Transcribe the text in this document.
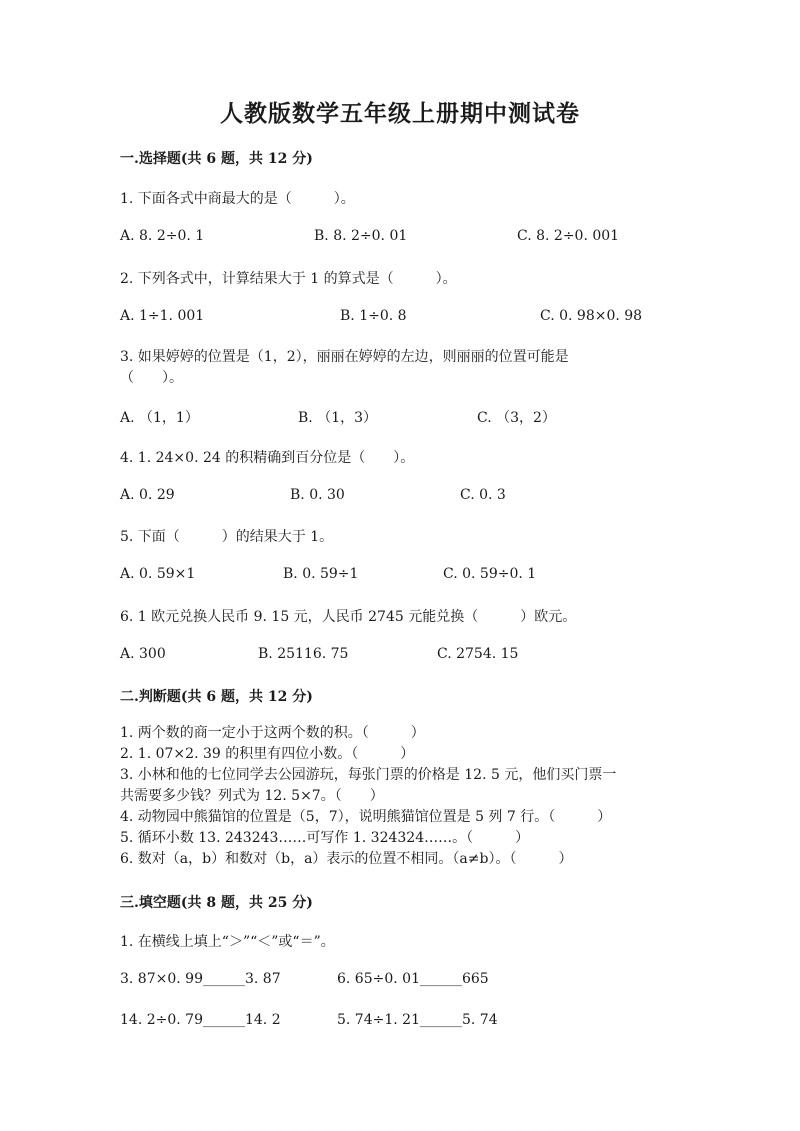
人教版数学五年级上册期中测试卷
一.选择题(共 6 题，共 12 分)
1. 下面各式中商最大的是（　　　）。
A. 8. 2÷0. 1	B. 8. 2÷0. 01	C. 8. 2÷0. 001
2. 下列各式中，计算结果大于 1 的算式是（　　　）。
A. 1÷1. 001	B. 1÷0. 8	C. 0. 98×0. 98
3. 如果婷婷的位置是（1，2），丽丽在婷婷的左边，则丽丽的位置可能是
（　　）。
A. （1，1）	B. （1，3）	C. （3，2）
4. 1. 24×0. 24 的积精确到百分位是（　　）。
A. 0. 29	B. 0. 30	C. 0. 3
5. 下面（　　　）的结果大于 1。
A. 0. 59×1	B. 0. 59÷1	C. 0. 59÷0. 1
6. 1 欧元兑换人民币 9. 15 元，人民币 2745 元能兑换（　　　）欧元。
A. 300	B. 25116. 75	C. 2754. 15
二.判断题(共 6 题，共 12 分)
1. 两个数的商一定小于这两个数的积。（　　　）
2. 1. 07×2. 39 的积里有四位小数。（　　　）
3. 小林和他的七位同学去公园游玩，每张门票的价格是 12. 5 元，他们买门票一
共需要多少钱？列式为 12. 5×7。（　　）
4. 动物园中熊猫馆的位置是（5，7），说明熊猫馆位置是 5 列 7 行。（　　　）
5. 循环小数 13. 243243……可写作 1. 324324……。（　　　）
6. 数对（a，b）和数对（b，a）表示的位置不相同。（a≠b）。（　　　）
三.填空题(共 8 题，共 25 分)
1. 在横线上填上“＞”“＜”或“＝”。
3. 87×0. 99______3. 87	6. 65÷0. 01______665
14. 2÷0. 79______14. 2	5. 74÷1. 21______5. 74
